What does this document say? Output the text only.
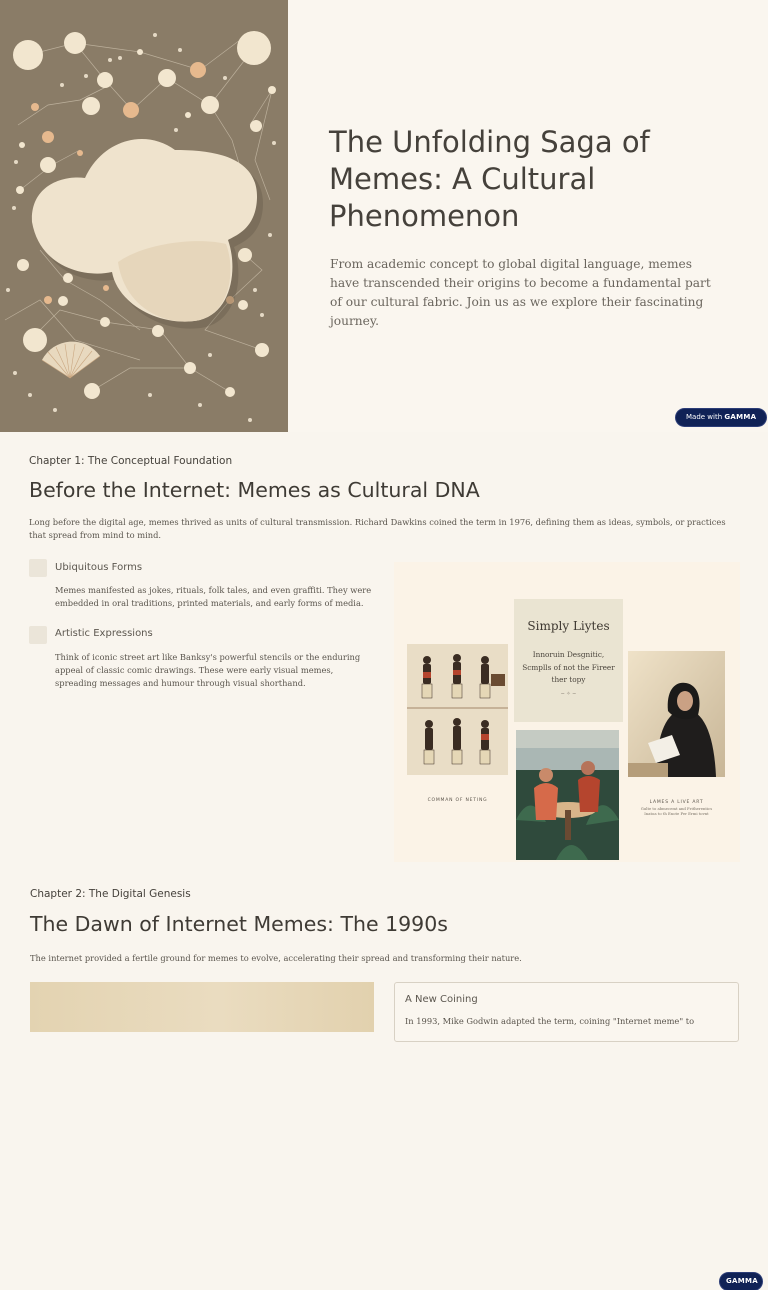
The Unfolding Saga of Memes: A Cultural Phenomenon

From academic concept to global digital language, memes have transcended their origins to become a fundamental part of our cultural fabric. Join us as we explore their fascinating journey.

Made with GAMMA
Chapter 1: The Conceptual Foundation
Before the Internet: Memes as Cultural DNA

Long before the digital age, memes thrived as units of cultural transmission. Richard Dawkins coined the term in 1976, defining them as ideas, symbols, or practices that spread from mind to mind.

Ubiquitous Forms

Memes manifested as jokes, rituals, folk tales, and even graffiti. They were embedded in oral traditions, printed materials, and early forms of media.

Artistic Expressions

Think of iconic street art like Banksy's powerful stencils or the enduring appeal of classic comic drawings. These were early visual memes, spreading messages and humour through visual shorthand.

COMMAN OF NETING
Simply Liytes
Innoruin Desgnitic, Scmplls of not the Fireer ther topy
~ ✧ ~
LAMES A LIVE ART
Gulte to abmecemt and Fritherentics Inatoa to th Enote Fer Ermi tovnt
GAMMA
Chapter 2: The Digital Genesis
The Dawn of Internet Memes: The 1990s

The internet provided a fertile ground for memes to evolve, accelerating their spread and transforming their nature.

A New Coining
In 1993, Mike Godwin adapted the term, coining "Internet meme" to
